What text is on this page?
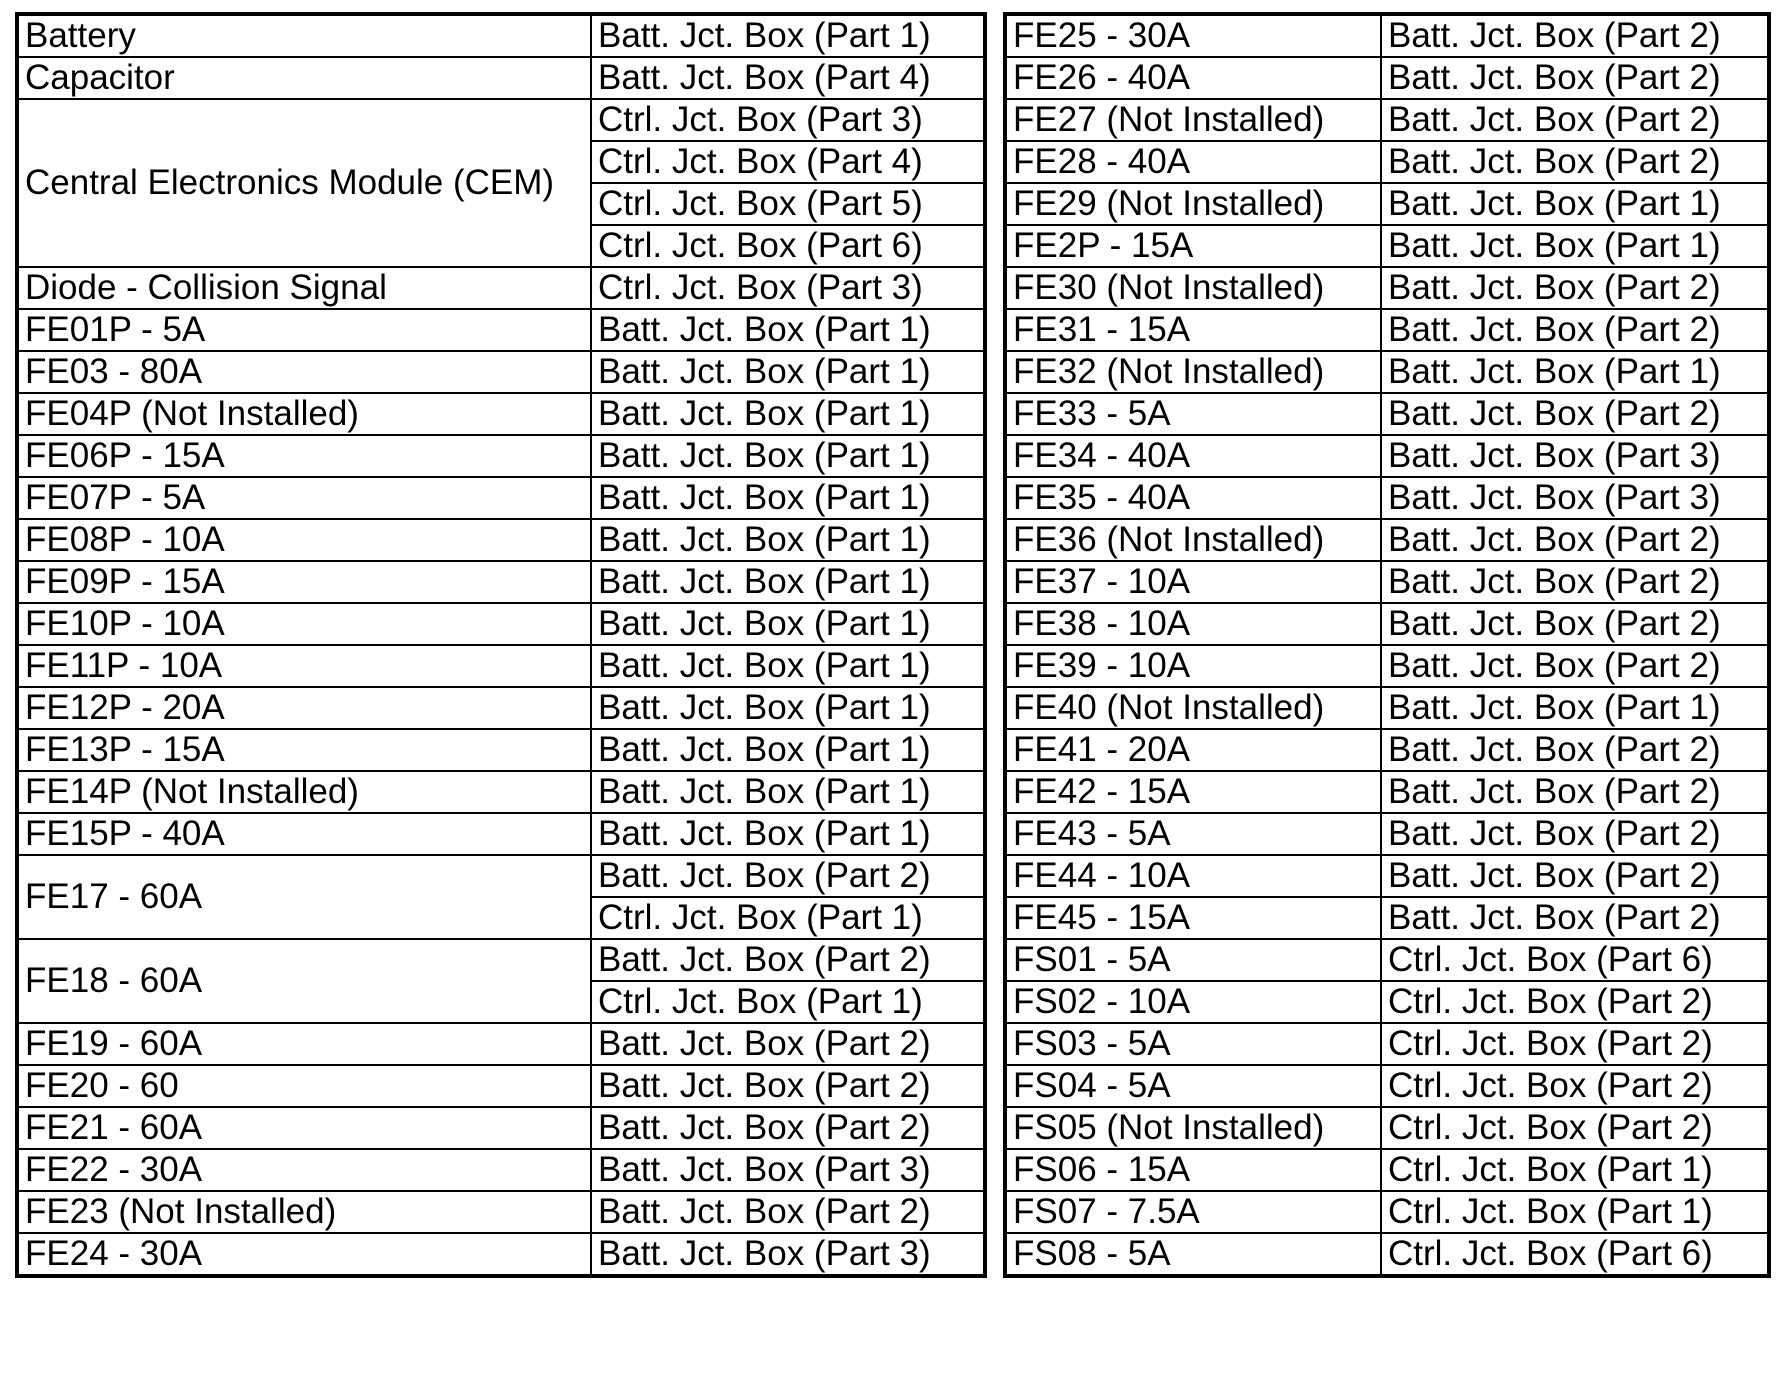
Battery	Batt. Jct. Box (Part 1)
Capacitor	Batt. Jct. Box (Part 4)
Central Electronics Module (CEM)	Ctrl. Jct. Box (Part 3)
	Ctrl. Jct. Box (Part 4)
	Ctrl. Jct. Box (Part 5)
	Ctrl. Jct. Box (Part 6)
Diode - Collision Signal	Ctrl. Jct. Box (Part 3)
FE01P - 5A	Batt. Jct. Box (Part 1)
FE03 - 80A	Batt. Jct. Box (Part 1)
FE04P (Not Installed)	Batt. Jct. Box (Part 1)
FE06P - 15A	Batt. Jct. Box (Part 1)
FE07P - 5A	Batt. Jct. Box (Part 1)
FE08P - 10A	Batt. Jct. Box (Part 1)
FE09P - 15A	Batt. Jct. Box (Part 1)
FE10P - 10A	Batt. Jct. Box (Part 1)
FE11P - 10A	Batt. Jct. Box (Part 1)
FE12P - 20A	Batt. Jct. Box (Part 1)
FE13P - 15A	Batt. Jct. Box (Part 1)
FE14P (Not Installed)	Batt. Jct. Box (Part 1)
FE15P - 40A	Batt. Jct. Box (Part 1)
FE17 - 60A	Batt. Jct. Box (Part 2)
	Ctrl. Jct. Box (Part 1)
FE18 - 60A	Batt. Jct. Box (Part 2)
	Ctrl. Jct. Box (Part 1)
FE19 - 60A	Batt. Jct. Box (Part 2)
FE20 - 60	Batt. Jct. Box (Part 2)
FE21 - 60A	Batt. Jct. Box (Part 2)
FE22 - 30A	Batt. Jct. Box (Part 3)
FE23 (Not Installed)	Batt. Jct. Box (Part 2)
FE24 - 30A	Batt. Jct. Box (Part 3)
FE25 - 30A	Batt. Jct. Box (Part 2)
FE26 - 40A	Batt. Jct. Box (Part 2)
FE27 (Not Installed)	Batt. Jct. Box (Part 2)
FE28 - 40A	Batt. Jct. Box (Part 2)
FE29 (Not Installed)	Batt. Jct. Box (Part 1)
FE2P - 15A	Batt. Jct. Box (Part 1)
FE30 (Not Installed)	Batt. Jct. Box (Part 2)
FE31 - 15A	Batt. Jct. Box (Part 2)
FE32 (Not Installed)	Batt. Jct. Box (Part 1)
FE33 - 5A	Batt. Jct. Box (Part 2)
FE34 - 40A	Batt. Jct. Box (Part 3)
FE35 - 40A	Batt. Jct. Box (Part 3)
FE36 (Not Installed)	Batt. Jct. Box (Part 2)
FE37 - 10A	Batt. Jct. Box (Part 2)
FE38 - 10A	Batt. Jct. Box (Part 2)
FE39 - 10A	Batt. Jct. Box (Part 2)
FE40 (Not Installed)	Batt. Jct. Box (Part 1)
FE41 - 20A	Batt. Jct. Box (Part 2)
FE42 - 15A	Batt. Jct. Box (Part 2)
FE43 - 5A	Batt. Jct. Box (Part 2)
FE44 - 10A	Batt. Jct. Box (Part 2)
FE45 - 15A	Batt. Jct. Box (Part 2)
FS01 - 5A	Ctrl. Jct. Box (Part 6)
FS02 - 10A	Ctrl. Jct. Box (Part 2)
FS03 - 5A	Ctrl. Jct. Box (Part 2)
FS04 - 5A	Ctrl. Jct. Box (Part 2)
FS05 (Not Installed)	Ctrl. Jct. Box (Part 2)
FS06 - 15A	Ctrl. Jct. Box (Part 1)
FS07 - 7.5A	Ctrl. Jct. Box (Part 1)
FS08 - 5A	Ctrl. Jct. Box (Part 6)
